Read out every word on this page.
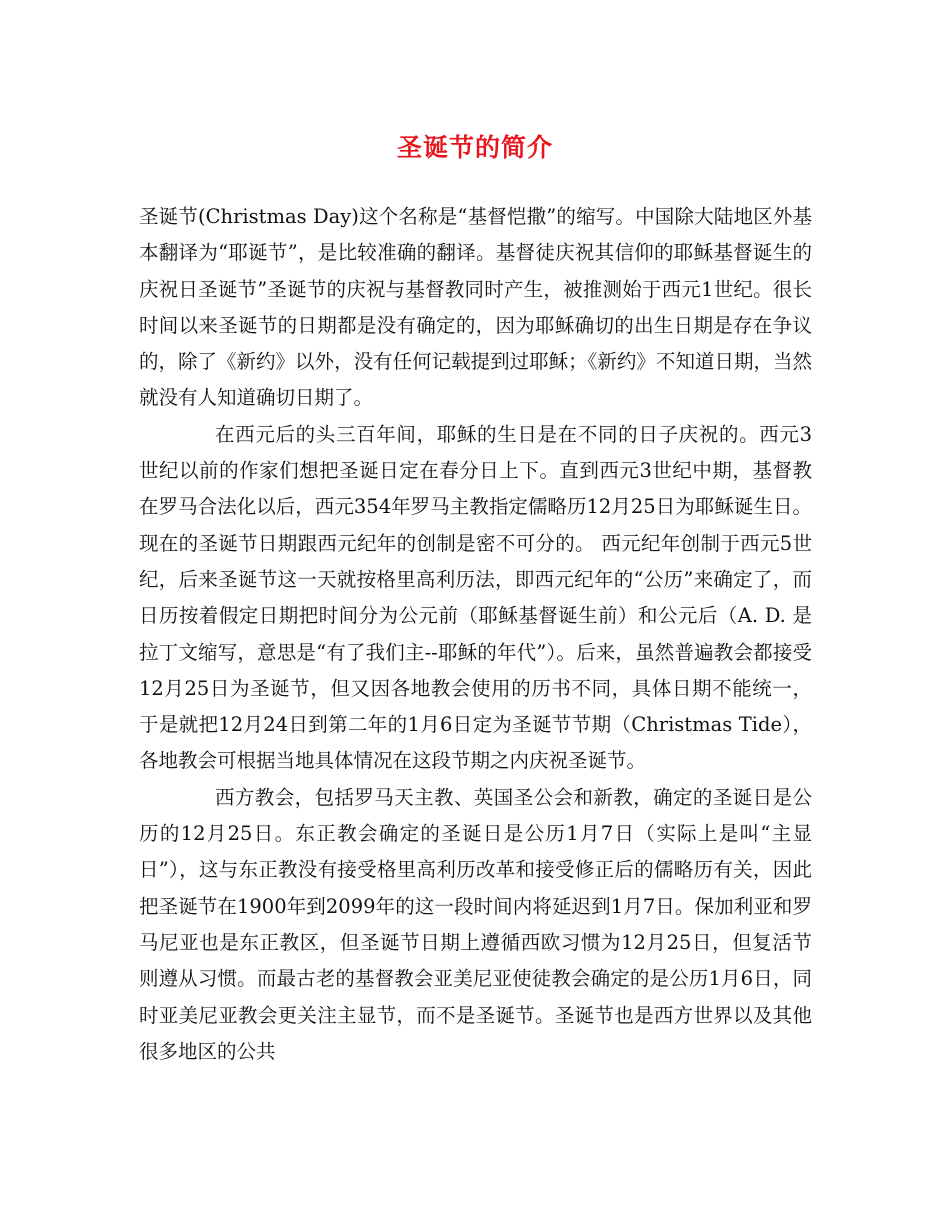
圣诞节的简介

圣诞节(Christmas Day)这个名称是“基督恺撒”的缩写。中国除大陆地区外基本翻译为“耶诞节”，是比较准确的翻译。基督徒庆祝其信仰的耶稣基督诞生的庆祝日圣诞节”圣诞节的庆祝与基督教同时产生，被推测始于西元1世纪。很长时间以来圣诞节的日期都是没有确定的，因为耶稣确切的出生日期是存在争议的，除了《新约》以外，没有任何记载提到过耶稣；《新约》不知道日期，当然就没有人知道确切日期了。

在西元后的头三百年间，耶稣的生日是在不同的日子庆祝的。西元3世纪以前的作家们想把圣诞日定在春分日上下。直到西元3世纪中期，基督教在罗马合法化以后，西元354年罗马主教指定儒略历12月25日为耶稣诞生日。现在的圣诞节日期跟西元纪年的创制是密不可分的。 西元纪年创制于西元5世纪，后来圣诞节这一天就按格里高利历法，即西元纪年的“公历”来确定了，而日历按着假定日期把时间分为公元前（耶稣基督诞生前）和公元后（A. D. 是拉丁文缩写，意思是“有了我们主--耶稣的年代”）。后来，虽然普遍教会都接受12月25日为圣诞节，但又因各地教会使用的历书不同，具体日期不能统一，于是就把12月24日到第二年的1月6日定为圣诞节节期（Christmas Tide），各地教会可根据当地具体情况在这段节期之内庆祝圣诞节。

西方教会，包括罗马天主教、英国圣公会和新教，确定的圣诞日是公历的12月25日。东正教会确定的圣诞日是公历1月7日（实际上是叫“主显日”），这与东正教没有接受格里高利历改革和接受修正后的儒略历有关，因此把圣诞节在1900年到2099年的这一段时间内将延迟到1月7日。保加利亚和罗马尼亚也是东正教区，但圣诞节日期上遵循西欧习惯为12月25日，但复活节则遵从习惯。而最古老的基督教会亚美尼亚使徒教会确定的是公历1月6日，同时亚美尼亚教会更关注主显节，而不是圣诞节。圣诞节也是西方世界以及其他很多地区的公共
